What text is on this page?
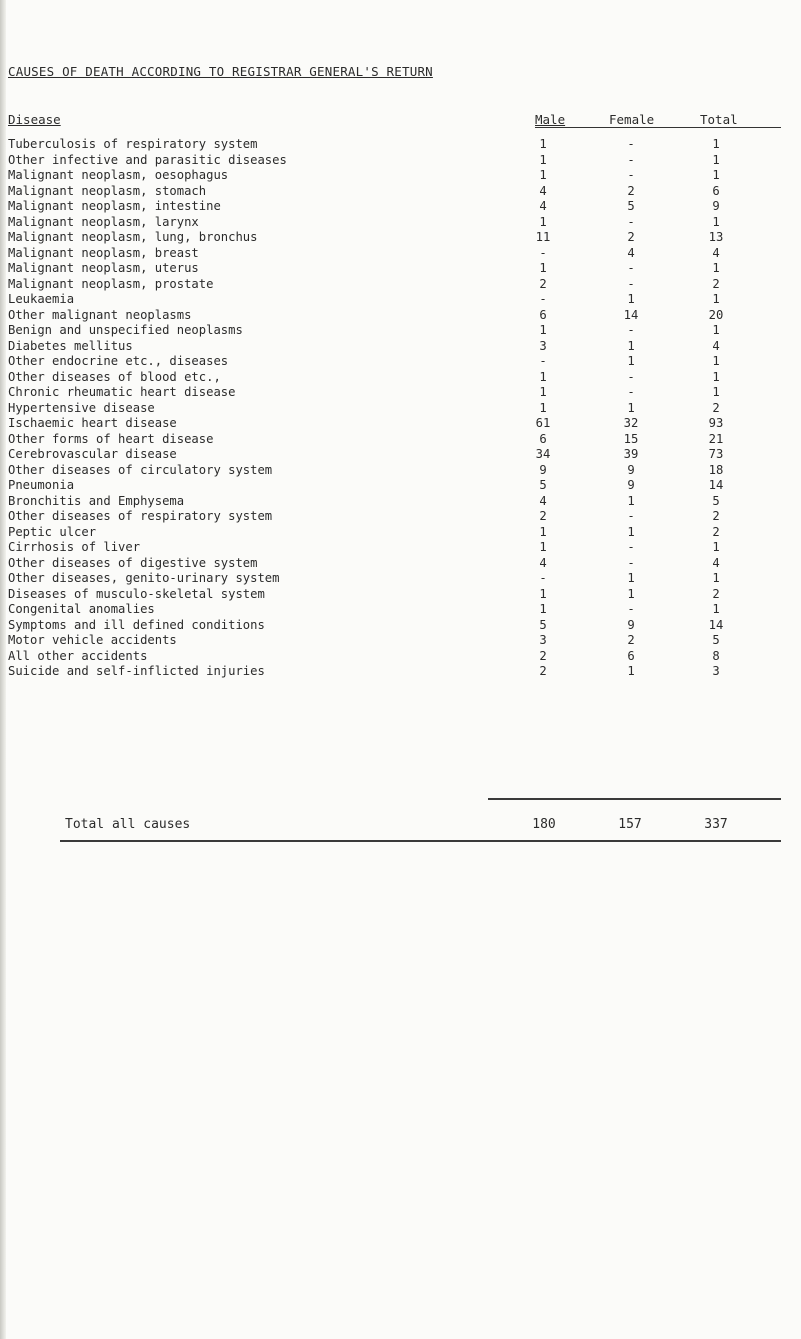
CAUSES OF DEATH ACCORDING TO REGISTRAR GENERAL'S RETURN
Disease	Male	Female	Total
Tuberculosis of respiratory system	1	-	1
Other infective and parasitic diseases	1	-	1
Malignant neoplasm, oesophagus	1	-	1
Malignant neoplasm, stomach	4	2	6
Malignant neoplasm, intestine	4	5	9
Malignant neoplasm, larynx	1	-	1
Malignant neoplasm, lung, bronchus	11	2	13
Malignant neoplasm, breast	-	4	4
Malignant neoplasm, uterus	1	-	1
Malignant neoplasm, prostate	2	-	2
Leukaemia	-	1	1
Other malignant neoplasms	6	14	20
Benign and unspecified neoplasms	1	-	1
Diabetes mellitus	3	1	4
Other endocrine etc., diseases	-	1	1
Other diseases of blood etc.,	1	-	1
Chronic rheumatic heart disease	1	-	1
Hypertensive disease	1	1	2
Ischaemic heart disease	61	32	93
Other forms of heart disease	6	15	21
Cerebrovascular disease	34	39	73
Other diseases of circulatory system	9	9	18
Pneumonia	5	9	14
Bronchitis and Emphysema	4	1	5
Other diseases of respiratory system	2	-	2
Peptic ulcer	1	1	2
Cirrhosis of liver	1	-	1
Other diseases of digestive system	4	-	4
Other diseases, genito-urinary system	-	1	1
Diseases of musculo-skeletal system	1	1	2
Congenital anomalies	1	-	1
Symptoms and ill defined conditions	5	9	14
Motor vehicle accidents	3	2	5
All other accidents	2	6	8
Suicide and self-inflicted injuries	2	1	3
Total all causes	180	157	337
